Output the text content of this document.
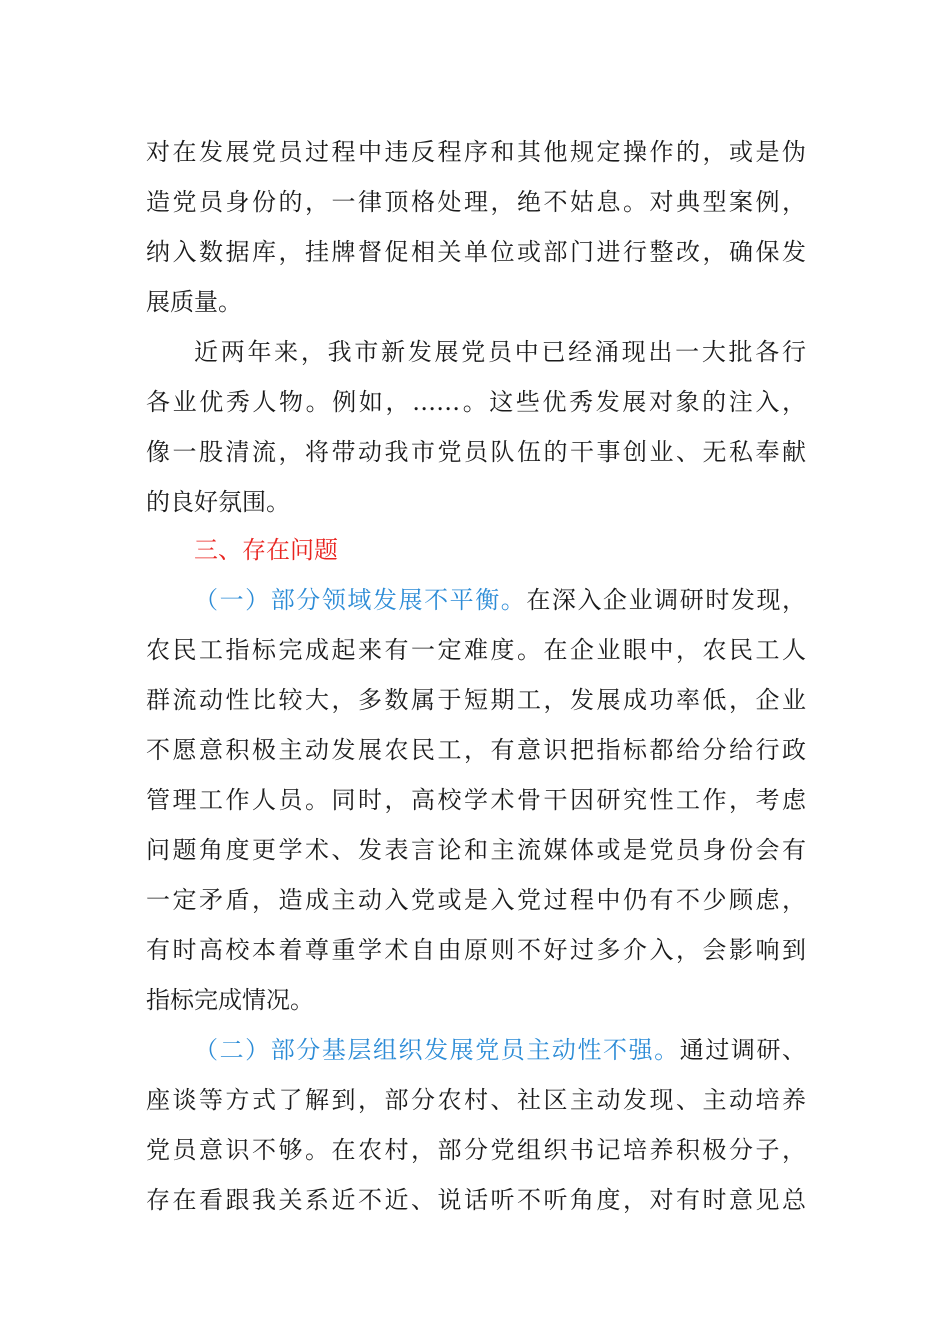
对在发展党员过程中违反程序和其他规定操作的，或是伪
造党员身份的，一律顶格处理，绝不姑息。对典型案例，
纳入数据库，挂牌督促相关单位或部门进行整改，确保发
展质量。
近两年来，我市新发展党员中已经涌现出一大批各行
各业优秀人物。例如，……。这些优秀发展对象的注入，
像一股清流，将带动我市党员队伍的干事创业、无私奉献
的良好氛围。
三、存在问题
（一）部分领域发展不平衡。在深入企业调研时发现，
农民工指标完成起来有一定难度。在企业眼中，农民工人
群流动性比较大，多数属于短期工，发展成功率低，企业
不愿意积极主动发展农民工，有意识把指标都给分给行政
管理工作人员。同时，高校学术骨干因研究性工作，考虑
问题角度更学术、发表言论和主流媒体或是党员身份会有
一定矛盾，造成主动入党或是入党过程中仍有不少顾虑，
有时高校本着尊重学术自由原则不好过多介入，会影响到
指标完成情况。
（二）部分基层组织发展党员主动性不强。通过调研、
座谈等方式了解到，部分农村、社区主动发现、主动培养
党员意识不够。在农村，部分党组织书记培养积极分子，
存在看跟我关系近不近、说话听不听角度，对有时意见总
